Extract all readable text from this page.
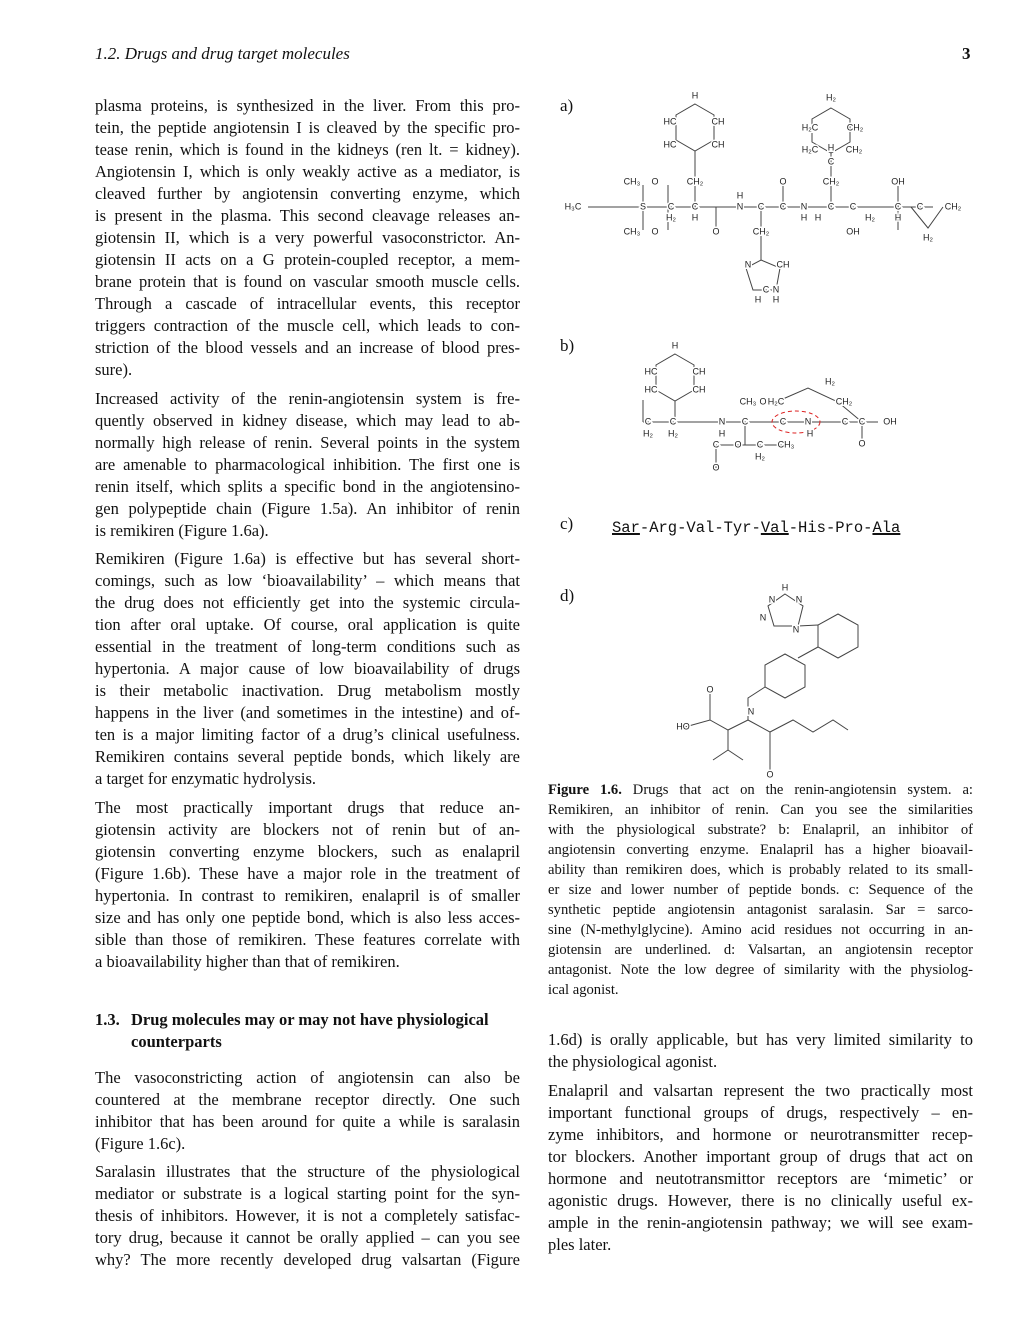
1.2. Drugs and drug target molecules	3
plasma proteins, is synthesized in the liver. From this pro-
tein, the peptide angiotensin I is cleaved by the specific pro-
tease renin, which is found in the kidneys (ren lt. = kidney).
Angiotensin I, which is only weakly active as a mediator, is
cleaved further by angiotensin converting enzyme, which
is present in the plasma. This second cleavage releases an-
giotensin II, which is a very powerful vasoconstrictor. An-
giotensin II acts on a G protein-coupled receptor, a mem-
brane protein that is found on vascular smooth muscle cells.
Through a cascade of intracellular events, this receptor
triggers contraction of the muscle cell, which leads to con-
striction of the blood vessels and an increase of blood pres-
sure).
Increased activity of the renin-angiotensin system is fre-
quently observed in kidney disease, which may lead to ab-
normally high release of renin. Several points in the system
are amenable to pharmacological inhibition. The first one is
renin itself, which splits a specific bond in the angiotensino-
gen polypeptide chain (Figure 1.5a). An inhibitor of renin
is remikiren (Figure 1.6a).
Remikiren (Figure 1.6a) is effective but has several short-
comings, such as low ‘bioavailability’ – which means that
the drug does not efficiently get into the systemic circula-
tion after oral uptake. Of course, oral application is quite
essential in the treatment of long-term conditions such as
hypertonia. A major cause of low bioavailability of drugs
is their metabolic inactivation. Drug metabolism mostly
happens in the liver (and sometimes in the intestine) and of-
ten is a major limiting factor of a drug’s clinical usefulness.
Remikiren contains several peptide bonds, which likely are
a target for enzymatic hydrolysis.
The most practically important drugs that reduce an-
giotensin activity are blockers not of renin but of an-
giotensin converting enzyme blockers, such as enalapril
(Figure 1.6b). These have a major role in the treatment of
hypertonia. In contrast to remikiren, enalapril is of smaller
size and has only one peptide bond, which is also less acces-
sible than those of remikiren. These features correlate with
a bioavailability higher than that of remikiren.
1.3. Drug molecules may or may not have physiological counterparts
The vasoconstricting action of angiotensin can also be
countered at the membrane receptor directly. One such
inhibitor that has been around for quite a while is saralasin
(Figure 1.6c).
Saralasin illustrates that the structure of the physiological
mediator or substrate is a logical starting point for the syn-
thesis of inhibitors. However, it is not a completely satisfac-
tory drug, because it cannot be orally applied – can you see
why? The more recently developed drug valsartan (Figure
1.6d) is orally applicable, but has very limited similarity to
the physiological agonist.
Enalapril and valsartan represent the two practically most
important functional groups of drugs, respectively – en-
zyme inhibitors, and hormone or neurotransmitter recep-
tor blockers. Another important group of drugs that act on
hormone and neutotransmittor receptors are ‘mimetic’ or
agonistic drugs. However, there is no clinically useful ex-
ample in the renin-angiotensin pathway; we will see exam-
ples later.
a)
b)
c)
d)
H
HC	CH
HC	CH
H₂
H₂C	CH₂
H₂C H CH₂
C
H₃C
CH₃
S
CH₃
O
O
C
CH₂
C
H₂ H
O
N
H
C
CH₂
O
C N
H
CH₂
C
H
C
H₂
OH
OH
C
H
C CH₂
H₂
N	CH
C N
H H
H
HC	CH
HC	CH
C C
H₂ H₂
N
H
C
CH₃ O H₂C
N
C
H₂
CH₂
C
H
C OH
O
C O C CH₃
H₂
O
Sar-Arg-Val-Tyr-Val-His-Pro-Ala
H
N N
N
N
N
O
HO
O
Figure 1.6. Drugs that act on the renin-angiotensin system. a:
Remikiren, an inhibitor of renin. Can you see the similarities
with the physiological substrate? b: Enalapril, an inhibitor of
angiotensin converting enzyme. Enalapril has a higher bioavail-
ability than remikiren does, which is probably related to its small-
er size and lower number of peptide bonds. c: Sequence of the
synthetic peptide angiotensin antagonist saralasin. Sar = sarco-
sine (N-methylglycine). Amino acid residues not occurring in an-
giotensin are underlined. d: Valsartan, an angiotensin receptor
antagonist. Note the low degree of similarity with the physiolog-
ical agonist.
